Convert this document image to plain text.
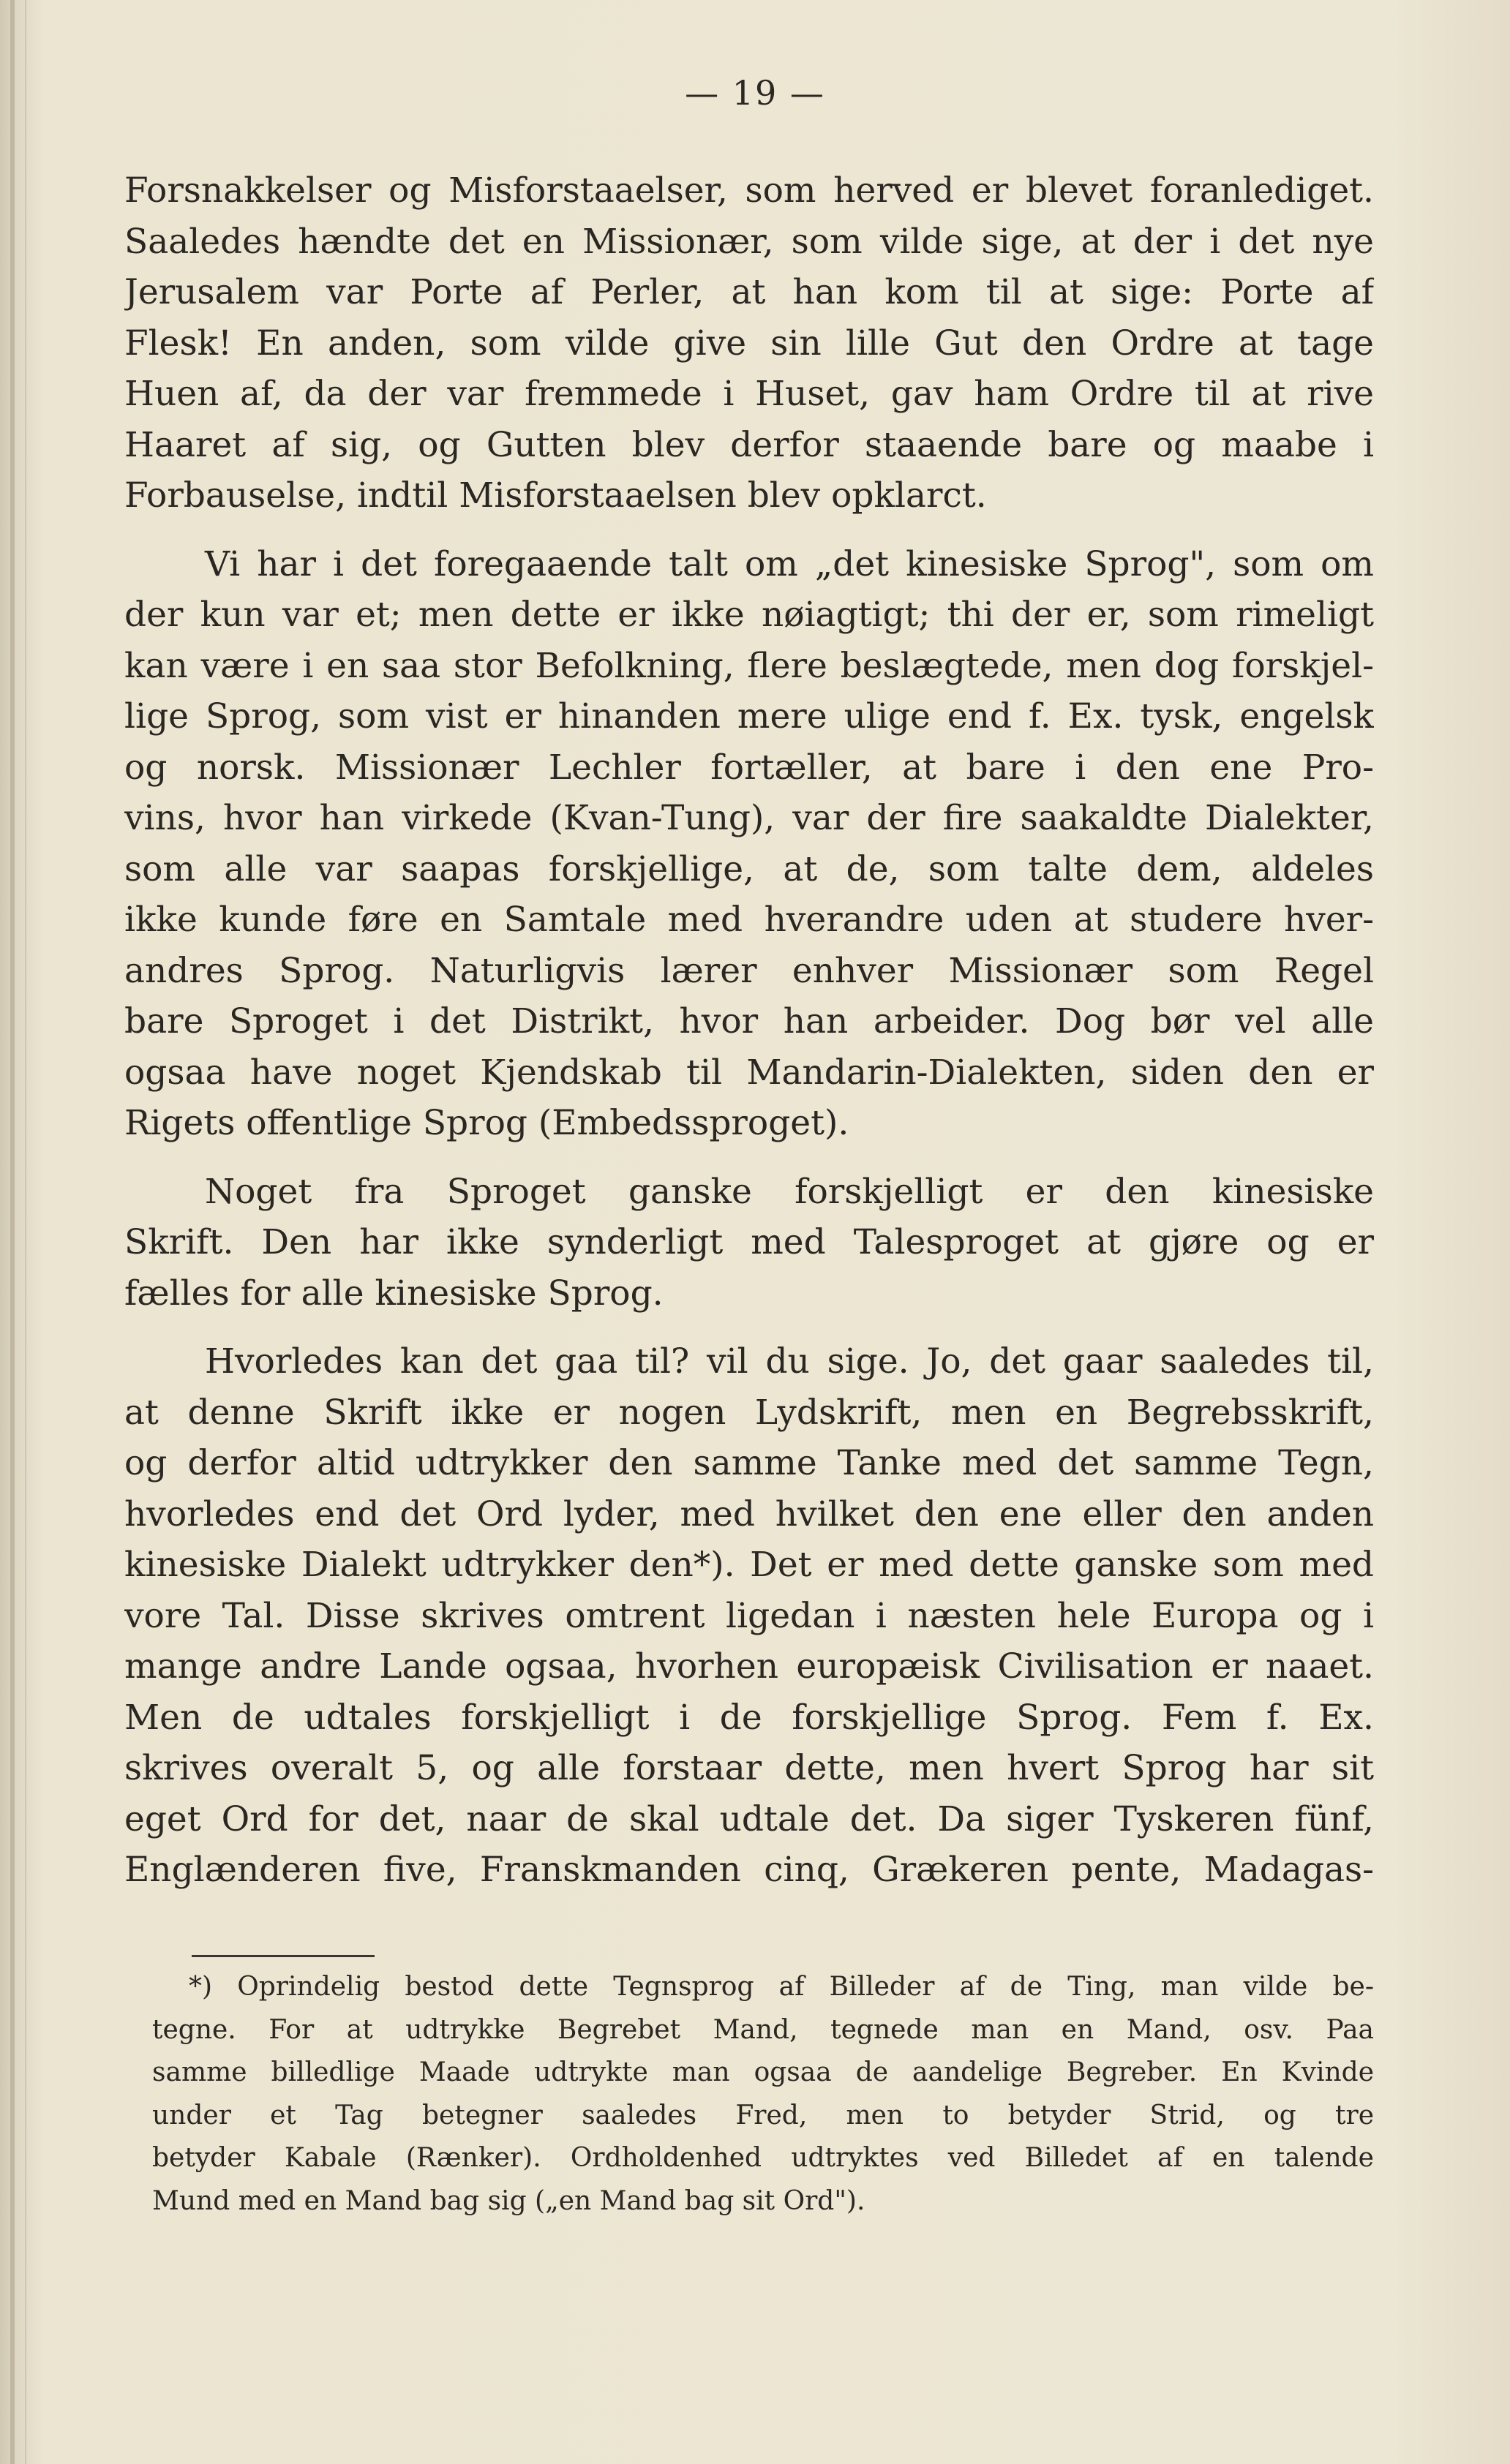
— 19 —
Forsnakkelser og Misforstaaelser, som herved er blevet foranlediget.
Saaledes hændte det en Missionær, som vilde sige, at der i det nye
Jerusalem var Porte af Perler, at han kom til at sige: Porte af
Flesk! En anden, som vilde give sin lille Gut den Ordre at tage
Huen af, da der var fremmede i Huset, gav ham Ordre til at rive
Haaret af sig, og Gutten blev derfor staaende bare og maabe i
Forbauselse, indtil Misforstaaelsen blev opklarct.
Vi har i det foregaaende talt om „det kinesiske Sprog", som om
der kun var et; men dette er ikke nøiagtigt; thi der er, som rimeligt
kan være i en saa stor Befolkning, flere beslægtede, men dog forskjel-
lige Sprog, som vist er hinanden mere ulige end f. Ex. tysk, engelsk
og norsk. Missionær Lechler fortæller, at bare i den ene Pro-
vins, hvor han virkede (Kvan-Tung), var der fire saakaldte Dialekter,
som alle var saapas forskjellige, at de, som talte dem, aldeles
ikke kunde føre en Samtale med hverandre uden at studere hver-
andres Sprog. Naturligvis lærer enhver Missionær som Regel
bare Sproget i det Distrikt, hvor han arbeider. Dog bør vel alle
ogsaa have noget Kjendskab til Mandarin-Dialekten, siden den er
Rigets offentlige Sprog (Embedssproget).
Noget fra Sproget ganske forskjelligt er den kinesiske
Skrift. Den har ikke synderligt med Talesproget at gjøre og er
fælles for alle kinesiske Sprog.
Hvorledes kan det gaa til? vil du sige. Jo, det gaar saaledes til,
at denne Skrift ikke er nogen Lydskrift, men en Begrebsskrift,
og derfor altid udtrykker den samme Tanke med det samme Tegn,
hvorledes end det Ord lyder, med hvilket den ene eller den anden
kinesiske Dialekt udtrykker den*). Det er med dette ganske som med
vore Tal. Disse skrives omtrent ligedan i næsten hele Europa og i
mange andre Lande ogsaa, hvorhen europæisk Civilisation er naaet.
Men de udtales forskjelligt i de forskjellige Sprog. Fem f. Ex.
skrives overalt 5, og alle forstaar dette, men hvert Sprog har sit
eget Ord for det, naar de skal udtale det. Da siger Tyskeren fünf,
Englænderen five, Franskmanden cinq, Grækeren pente, Madagas-
*) Oprindelig bestod dette Tegnsprog af Billeder af de Ting, man vilde be-
tegne. For at udtrykke Begrebet Mand, tegnede man en Mand, osv. Paa
samme billedlige Maade udtrykte man ogsaa de aandelige Begreber. En Kvinde
under et Tag betegner saaledes Fred, men to betyder Strid, og tre
betyder Kabale (Rænker). Ordholdenhed udtryktes ved Billedet af en talende
Mund med en Mand bag sig („en Mand bag sit Ord").
